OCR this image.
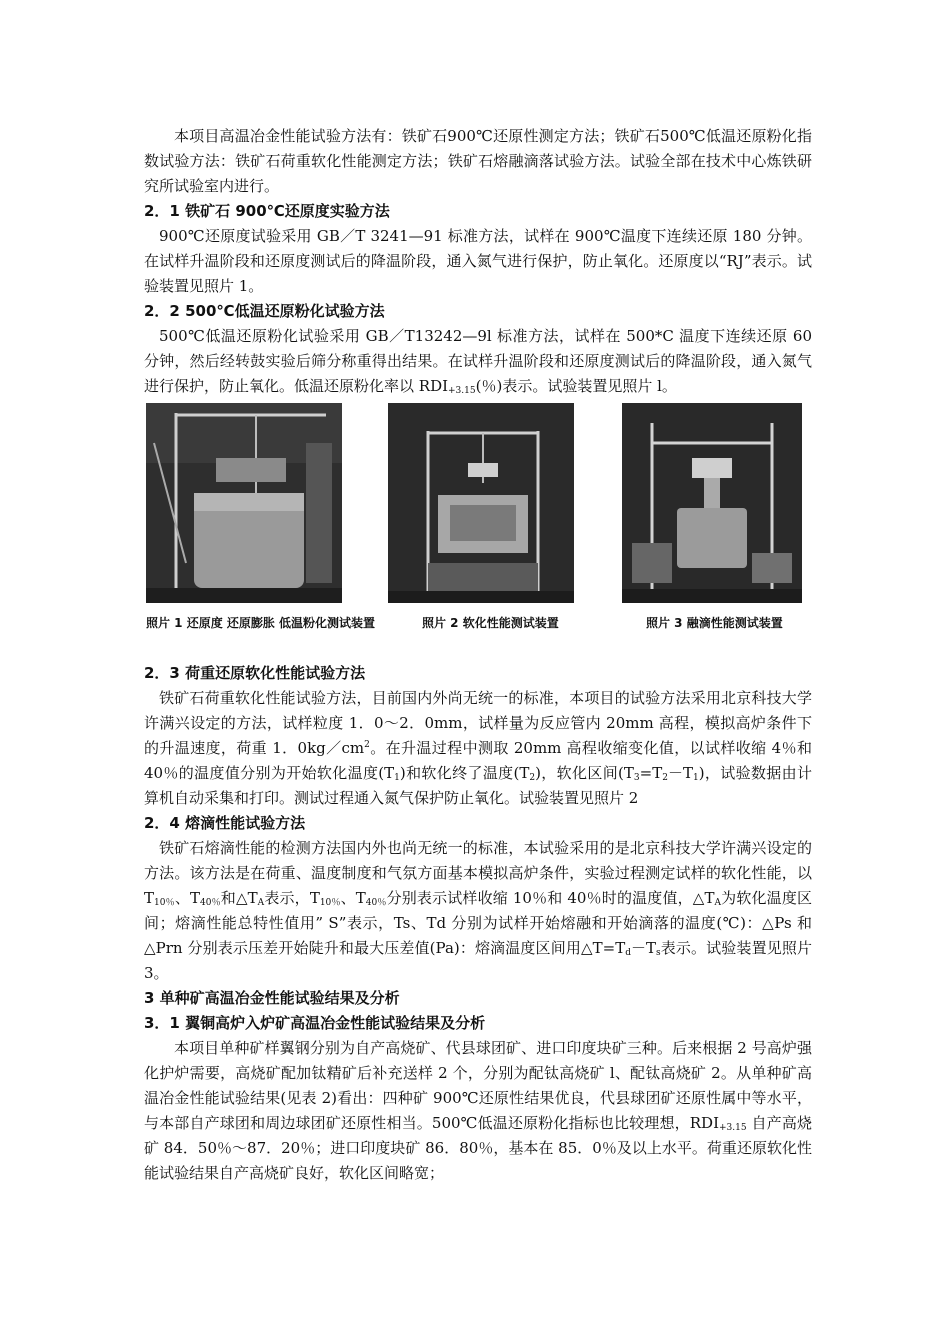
本项目高温冶金性能试验方法有：铁矿石900℃还原性测定方法；铁矿石500℃低温还原粉化指数试验方法：铁矿石荷重软化性能测定方法；铁矿石熔融滴落试验方法。试验全部在技术中心炼铁研究所试验室内进行。

2．1 铁矿石 900℃还原度实验方法

900℃还原度试验采用 GB／T 3241—91 标准方法，试样在 900℃温度下连续还原 180 分钟。在试样升温阶段和还原度测试后的降温阶段，通入氮气进行保护，防止氧化。还原度以“RJ”表示。试验装置见照片 1。

2．2 500℃低温还原粉化试验方法

500℃低温还原粉化试验采用 GB／T13242—9l 标准方法，试样在 500*C 温度下连续还原 60 分钟，然后经转鼓实验后筛分称重得出结果。在试样升温阶段和还原度测试后的降温阶段，通入氮气进行保护，防止氧化。低温还原粉化率以 $RDI_{+3.15}$(％)表示。试验装置见照片 l。

照片 1 还原度 还原膨胀 低温粉化测试装置	照片 2 软化性能测试装置	照片 3 融滴性能测试装置

2．3 荷重还原软化性能试验方法

铁矿石荷重软化性能试验方法，目前国内外尚无统一的标准，本项目的试验方法采用北京科技大学许满兴设定的方法，试样粒度 1．0～2．0mm，试样量为反应管内 20mm 高程，模拟高炉条件下的升温速度，荷重 1．$0kg/cm^2$。在升温过程中测取 20mm 高程收缩变化值，以试样收缩 4％和 40％的温度值分别为开始软化温度$(T_1)$和软化终了温度$(T_2)$，软化区间$(T_3=T_2-T_1)$，试验数据由计算机自动采集和打印。测试过程通入氮气保护防止氧化。试验装置见照片 2

2．4 熔滴性能试验方法

铁矿石熔滴性能的检测方法国内外也尚无统一的标准，本试验采用的是北京科技大学许满兴设定的方法。该方法是在荷重、温度制度和气氛方面基本模拟高炉条件，实验过程测定试样的软化性能，以 $T_{10\%}$、$T_{40\%}$和$\triangle T_A$表示，$T_{10\%}$、$T_{40\%}$分别表示试样收缩 10％和 40％时的温度值，$\triangle T_A$为软化温度区间；熔滴性能总特性值用” S”表示，Ts、Td 分别为试样开始熔融和开始滴落的温度(℃)：△Ps 和△Prn 分别表示压差开始陡升和最大压差值(Pa)：熔滴温度区间用$\triangle T=T_d-T_s$表示。试验装置见照片 3。

3 单种矿高温冶金性能试验结果及分析

3．1 翼铜高炉入炉矿高温冶金性能试验结果及分析

本项目单种矿样翼钢分别为自产高烧矿、代县球团矿、进口印度块矿三种。后来根据 2 号高炉强化护炉需要，高烧矿配加钛精矿后补充送样 2 个，分别为配钛高烧矿 l、配钛高烧矿 2。从单种矿高温冶金性能试验结果(见表 2)看出：四种矿 900℃还原性结果优良，代县球团矿还原性属中等水平，与本部自产球团和周边球团矿还原性相当。500℃低温还原粉化指标也比较理想，$RDI_{+3.15}$ 自产高烧矿 84．50％～87．20％；进口印度块矿 86．80％，基本在 85．0％及以上水平。荷重还原软化性能试验结果自产高烧矿良好，软化区间略宽；
